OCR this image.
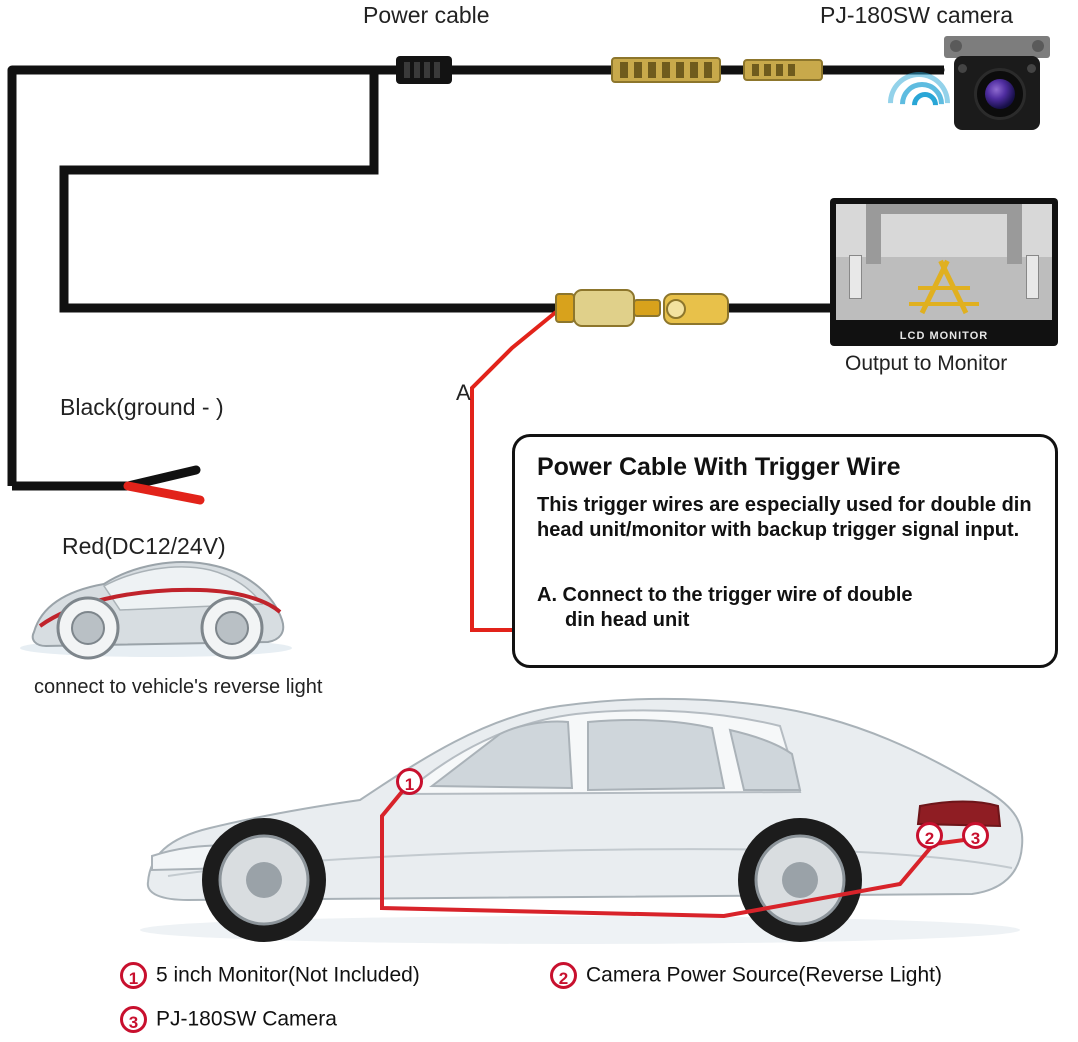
LCD MONITOR
Power cable	PJ-180SW camera
Black(ground - )
Red(DC12/24V)
connect to vehicle's reverse light
Output to Monitor
A
Power Cable With Trigger Wire
This trigger wires are especially used for double din head unit/monitor with backup trigger signal input.
A. Connect to the trigger wire of double
din head unit
1
2	3
1 5 inch Monitor(Not Included)	2 Camera Power Source(Reverse Light)
3 PJ-180SW Camera
